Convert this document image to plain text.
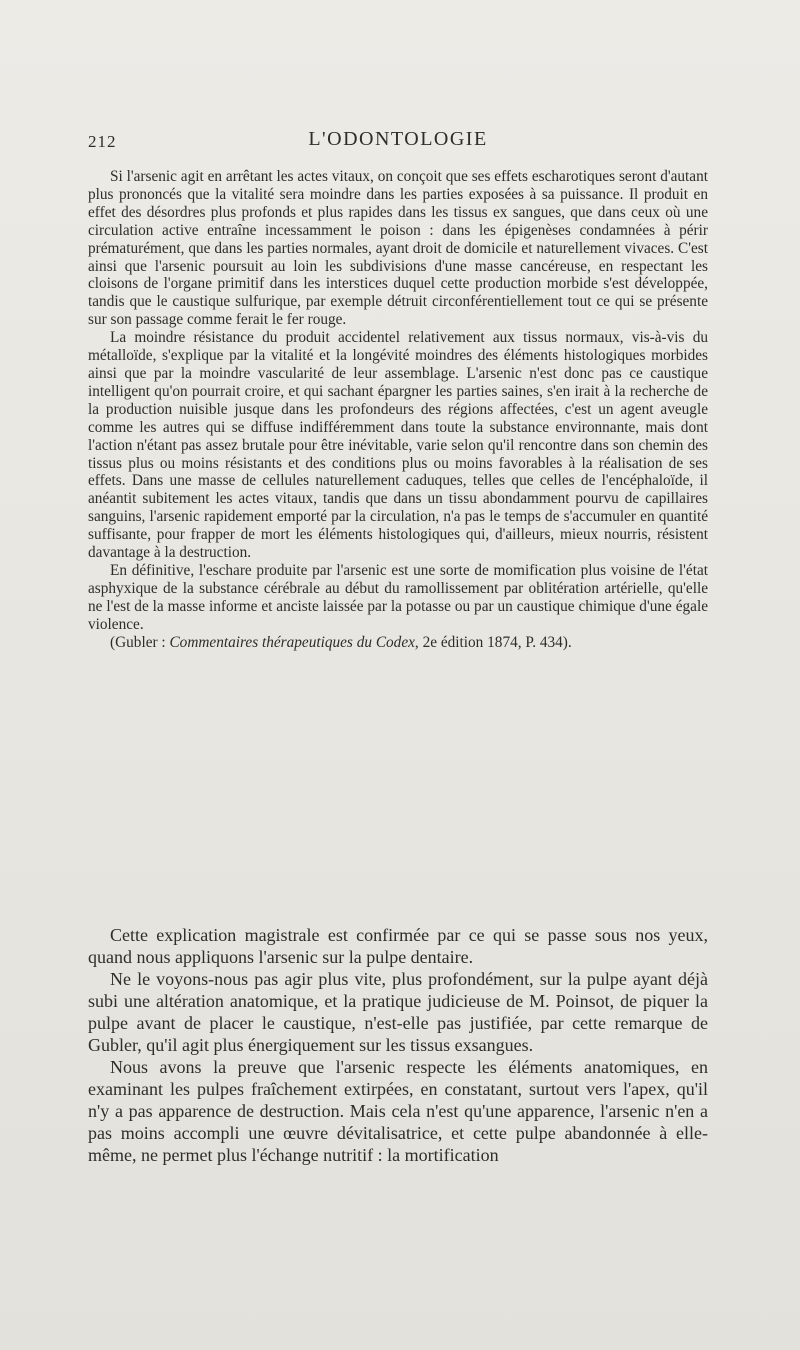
212	L'ODONTOLOGIE

Si l'arsenic agit en arrêtant les actes vitaux, on conçoit que ses effets escharotiques seront d'autant plus prononcés que la vitalité sera moindre dans les parties exposées à sa puissance. Il produit en effet des désordres plus profonds et plus rapides dans les tissus ex sangues, que dans ceux où une circulation active entraîne incessamment le poison : dans les épigenèses condamnées à périr prématurément, que dans les parties normales, ayant droit de domicile et naturellement vivaces. C'est ainsi que l'arsenic poursuit au loin les subdivisions d'une masse cancéreuse, en respectant les cloisons de l'organe primitif dans les interstices duquel cette production morbide s'est développée, tandis que le caustique sulfurique, par exemple détruit circonférentiellement tout ce qui se présente sur son passage comme ferait le fer rouge.

La moindre résistance du produit accidentel relativement aux tissus normaux, vis-à-vis du métalloïde, s'explique par la vitalité et la longévité moindres des éléments histologiques morbides ainsi que par la moindre vascularité de leur assemblage. L'arsenic n'est donc pas ce caustique intelligent qu'on pourrait croire, et qui sachant épargner les parties saines, s'en irait à la recherche de la production nuisible jusque dans les profondeurs des régions affectées, c'est un agent aveugle comme les autres qui se diffuse indifféremment dans toute la substance environnante, mais dont l'action n'étant pas assez brutale pour être inévitable, varie selon qu'il rencontre dans son chemin des tissus plus ou moins résistants et des conditions plus ou moins favorables à la réalisation de ses effets. Dans une masse de cellules naturellement caduques, telles que celles de l'encéphaloïde, il anéantit subitement les actes vitaux, tandis que dans un tissu abondamment pourvu de capillaires sanguins, l'arsenic rapidement emporté par la circulation, n'a pas le temps de s'accumuler en quantité suffisante, pour frapper de mort les éléments histologiques qui, d'ailleurs, mieux nourris, résistent davantage à la destruction.

En définitive, l'eschare produite par l'arsenic est une sorte de momification plus voisine de l'état asphyxique de la substance cérébrale au début du ramollissement par oblitération artérielle, qu'elle ne l'est de la masse informe et anciste laissée par la potasse ou par un caustique chimique d'une égale violence.

(Gubler : Commentaires thérapeutiques du Codex, 2e édition 1874, P. 434).

Cette explication magistrale est confirmée par ce qui se passe sous nos yeux, quand nous appliquons l'arsenic sur la pulpe dentaire.

Ne le voyons-nous pas agir plus vite, plus profondément, sur la pulpe ayant déjà subi une altération anatomique, et la pratique judicieuse de M. Poinsot, de piquer la pulpe avant de placer le caustique, n'est-elle pas justifiée, par cette remarque de Gubler, qu'il agit plus énergiquement sur les tissus exsangues.

Nous avons la preuve que l'arsenic respecte les éléments anatomiques, en examinant les pulpes fraîchement extirpées, en constatant, surtout vers l'apex, qu'il n'y a pas apparence de destruction. Mais cela n'est qu'une apparence, l'arsenic n'en a pas moins accompli une œuvre dévitalisatrice, et cette pulpe abandonnée à elle-même, ne permet plus l'échange nutritif : la mortification
